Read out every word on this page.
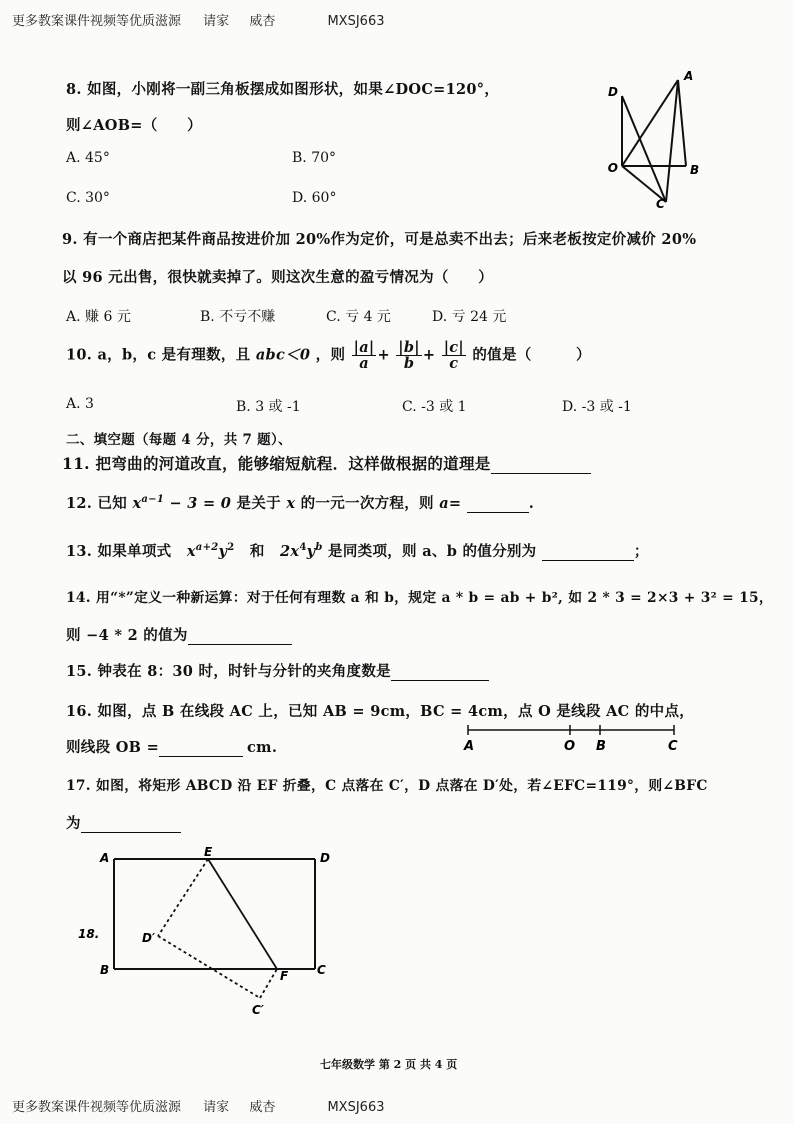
更多教案课件视频等优质滋源 请家 威杏	MXSJ663
8. 如图，小刚将一副三角板摆成如图形状，如果∠DOC=120°，
则∠AOB=（　　）
A. 45°	B. 70°
C. 30°	D. 60°
D
A
O	B
C
9. 有一个商店把某件商品按进价加 20%作为定价，可是总卖不出去；后来老板按定价减价 20%
以 96 元出售，很快就卖掉了。则这次生意的盈亏情况为（　　）
A. 赚 6 元	B. 不亏不赚	C. 亏 4 元	D. 亏 24 元
10. a，b，c 是有理数，且 abc＜0 ，则 $\frac{|a|}{a} + \frac{|b|}{b} + \frac{|c|}{c}$ 的值是（　　　）
A. 3	B. 3 或 -1	C. -3 或 1	D. -3 或 -1
二、填空题（每题 4 分，共 7 题）、
11. 把弯曲的河道改直，能够缩短航程．这样做根据的道理是
12. 已知 $x^{a-1} - 3 = 0$ 是关于 x 的一元一次方程，则 a=	.
13. 如果单项式 $x^{a+2}y^2$ 和 $2x^4y^b$ 是同类项，则 a、b 的值分别为	；
14. 用“*”定义一种新运算：对于任何有理数 a 和 b，规定 a * b = ab + b², 如 2 * 3 = 2×3 + 3² = 15，
则 −4 * 2 的值为
15. 钟表在 8：30 时，时针与分针的夹角度数是
16. 如图，点 B 在线段 AC 上，已知 AB = 9cm，BC = 4cm，点 O 是线段 AC 的中点，
则线段 OB =	cm.	A	O B	C
17. 如图，将矩形 ABCD 沿 EF 折叠，C 点落在 C′，D 点落在 D′处，若∠EFC=119°，则∠BFC
为
18.
A	E	D
D′
B	F C
C′
七年级数学 第 2 页 共 4 页
更多教案课件视频等优质滋源 请家 威杏	MXSJ663
